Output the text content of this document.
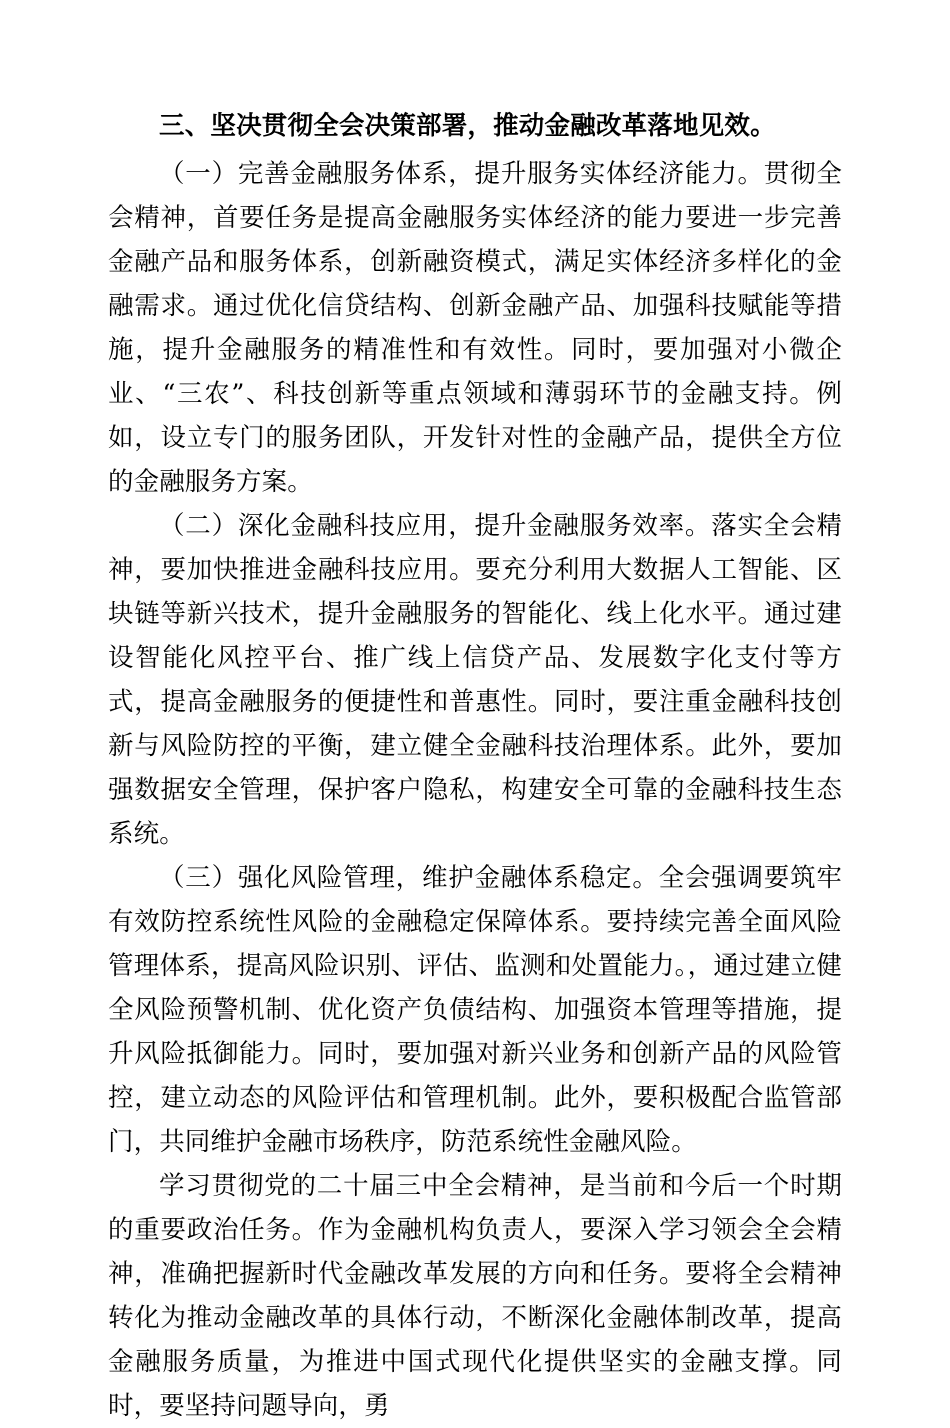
三、坚决贯彻全会决策部署，推动金融改革落地见效。

（一）完善金融服务体系，提升服务实体经济能力。贯彻全会精神，首要任务是提高金融服务实体经济的能力要进一步完善金融产品和服务体系，创新融资模式，满足实体经济多样化的金融需求。通过优化信贷结构、创新金融产品、加强科技赋能等措施，提升金融服务的精准性和有效性。同时，要加强对小微企业、“三农”、科技创新等重点领域和薄弱环节的金融支持。例如，设立专门的服务团队，开发针对性的金融产品，提供全方位的金融服务方案。

（二）深化金融科技应用，提升金融服务效率。落实全会精神，要加快推进金融科技应用。要充分利用大数据人工智能、区块链等新兴技术，提升金融服务的智能化、线上化水平。通过建设智能化风控平台、推广线上信贷产品、发展数字化支付等方式，提高金融服务的便捷性和普惠性。同时，要注重金融科技创新与风险防控的平衡，建立健全金融科技治理体系。此外，要加强数据安全管理，保护客户隐私，构建安全可靠的金融科技生态系统。

（三）强化风险管理，维护金融体系稳定。全会强调要筑牢有效防控系统性风险的金融稳定保障体系。要持续完善全面风险管理体系，提高风险识别、评估、监测和处置能力。，通过建立健全风险预警机制、优化资产负债结构、加强资本管理等措施，提升风险抵御能力。同时，要加强对新兴业务和创新产品的风险管控，建立动态的风险评估和管理机制。此外，要积极配合监管部门，共同维护金融市场秩序，防范系统性金融风险。

学习贯彻党的二十届三中全会精神，是当前和今后一个时期的重要政治任务。作为金融机构负责人，要深入学习领会全会精神，准确把握新时代金融改革发展的方向和任务。要将全会精神转化为推动金融改革的具体行动，不断深化金融体制改革，提高金融服务质量，为推进中国式现代化提供坚实的金融支撑。同时，要坚持问题导向，勇
